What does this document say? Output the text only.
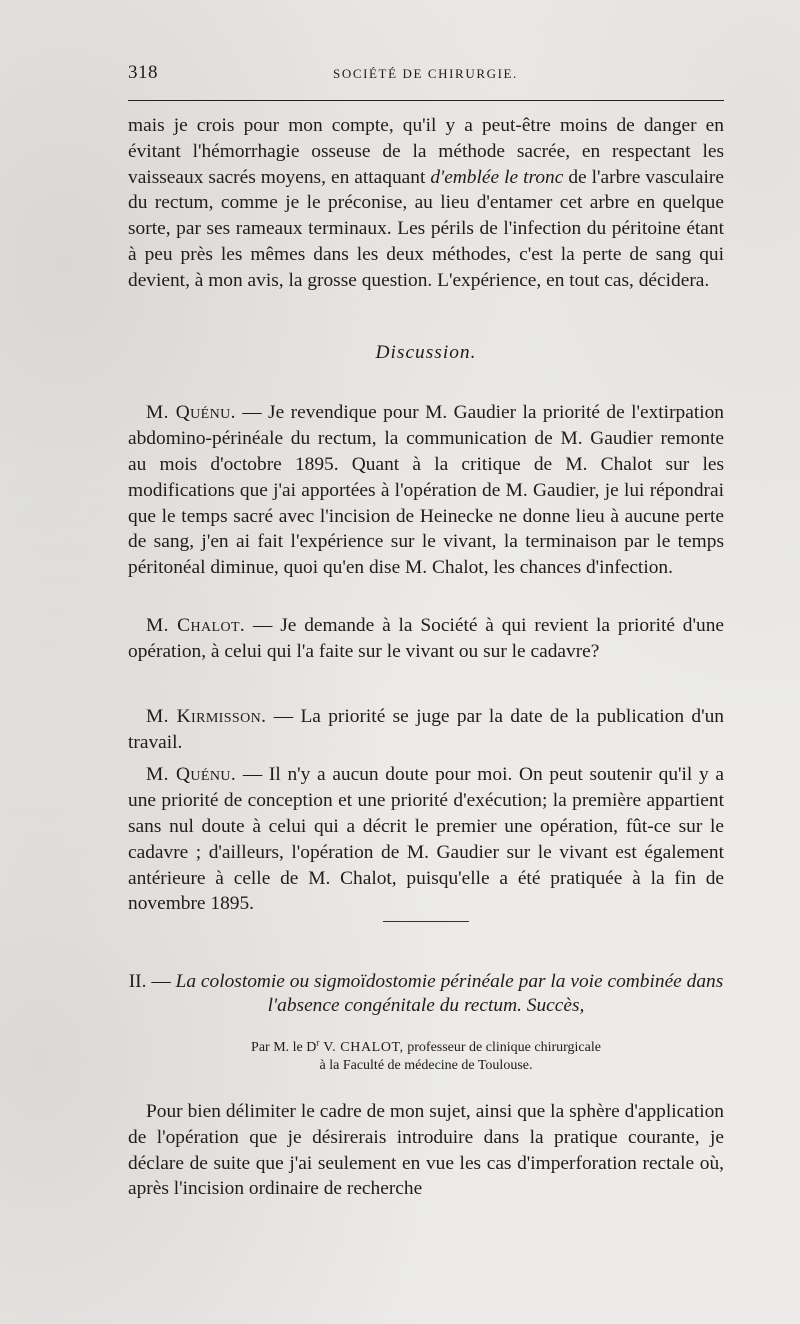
318	SOCIÉTÉ DE CHIRURGIE.

mais je crois pour mon compte, qu'il y a peut-être moins de danger en évitant l'hémorrhagie osseuse de la méthode sacrée, en respectant les vaisseaux sacrés moyens, en attaquant d'emblée le tronc de l'arbre vasculaire du rectum, comme je le préconise, au lieu d'entamer cet arbre en quelque sorte, par ses rameaux terminaux. Les périls de l'infection du péritoine étant à peu près les mêmes dans les deux méthodes, c'est la perte de sang qui devient, à mon avis, la grosse question. L'expérience, en tout cas, décidera.

Discussion.

M. Quénu. — Je revendique pour M. Gaudier la priorité de l'extirpation abdomino-périnéale du rectum, la communication de M. Gaudier remonte au mois d'octobre 1895. Quant à la critique de M. Chalot sur les modifications que j'ai apportées à l'opération de M. Gaudier, je lui répondrai que le temps sacré avec l'incision de Heinecke ne donne lieu à aucune perte de sang, j'en ai fait l'expérience sur le vivant, la terminaison par le temps péritonéal diminue, quoi qu'en dise M. Chalot, les chances d'infection.

M. Chalot. — Je demande à la Société à qui revient la priorité d'une opération, à celui qui l'a faite sur le vivant ou sur le cadavre?

M. Kirmisson. — La priorité se juge par la date de la publication d'un travail.

M. Quénu. — Il n'y a aucun doute pour moi. On peut soutenir qu'il y a une priorité de conception et une priorité d'exécution; la première appartient sans nul doute à celui qui a décrit le premier une opération, fût-ce sur le cadavre ; d'ailleurs, l'opération de M. Gaudier sur le vivant est également antérieure à celle de M. Chalot, puisqu'elle a été pratiquée à la fin de novembre 1895.

II. — La colostomie ou sigmoïdostomie périnéale par la voie combinée dans l'absence congénitale du rectum. Succès,
Par M. le $D^r$ V. CHALOT, professeur de clinique chirurgicale
à la Faculté de médecine de Toulouse.

Pour bien délimiter le cadre de mon sujet, ainsi que la sphère d'application de l'opération que je désirerais introduire dans la pratique courante, je déclare de suite que j'ai seulement en vue les cas d'imperforation rectale où, après l'incision ordinaire de recherche
